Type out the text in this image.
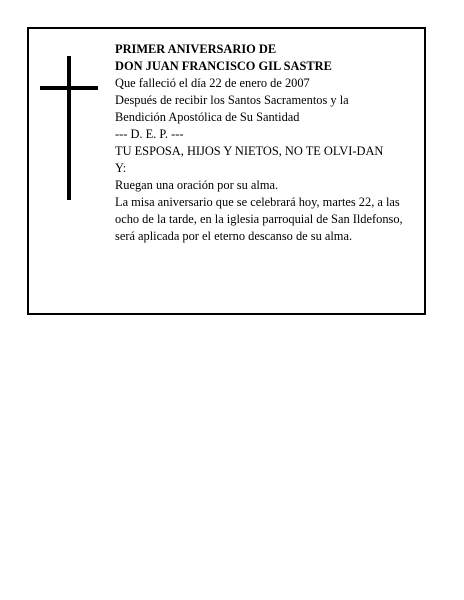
PRIMER ANIVERSARIO DE
DON JUAN FRANCISCO GIL SASTRE
Que falleció el día 22 de enero de 2007
Después de recibir los Santos Sacramentos y la
Bendición Apostólica de Su Santidad
--- D. E. P. ---
TU ESPOSA, HIJOS Y NIETOS, NO TE OLVI-DAN
Y:
Ruegan una oración por su alma.
La misa aniversario que se celebrará hoy, martes 22, a las ocho de la tarde, en la iglesia parroquial de San Ildefonso, será aplicada por el eterno descanso de su alma.
